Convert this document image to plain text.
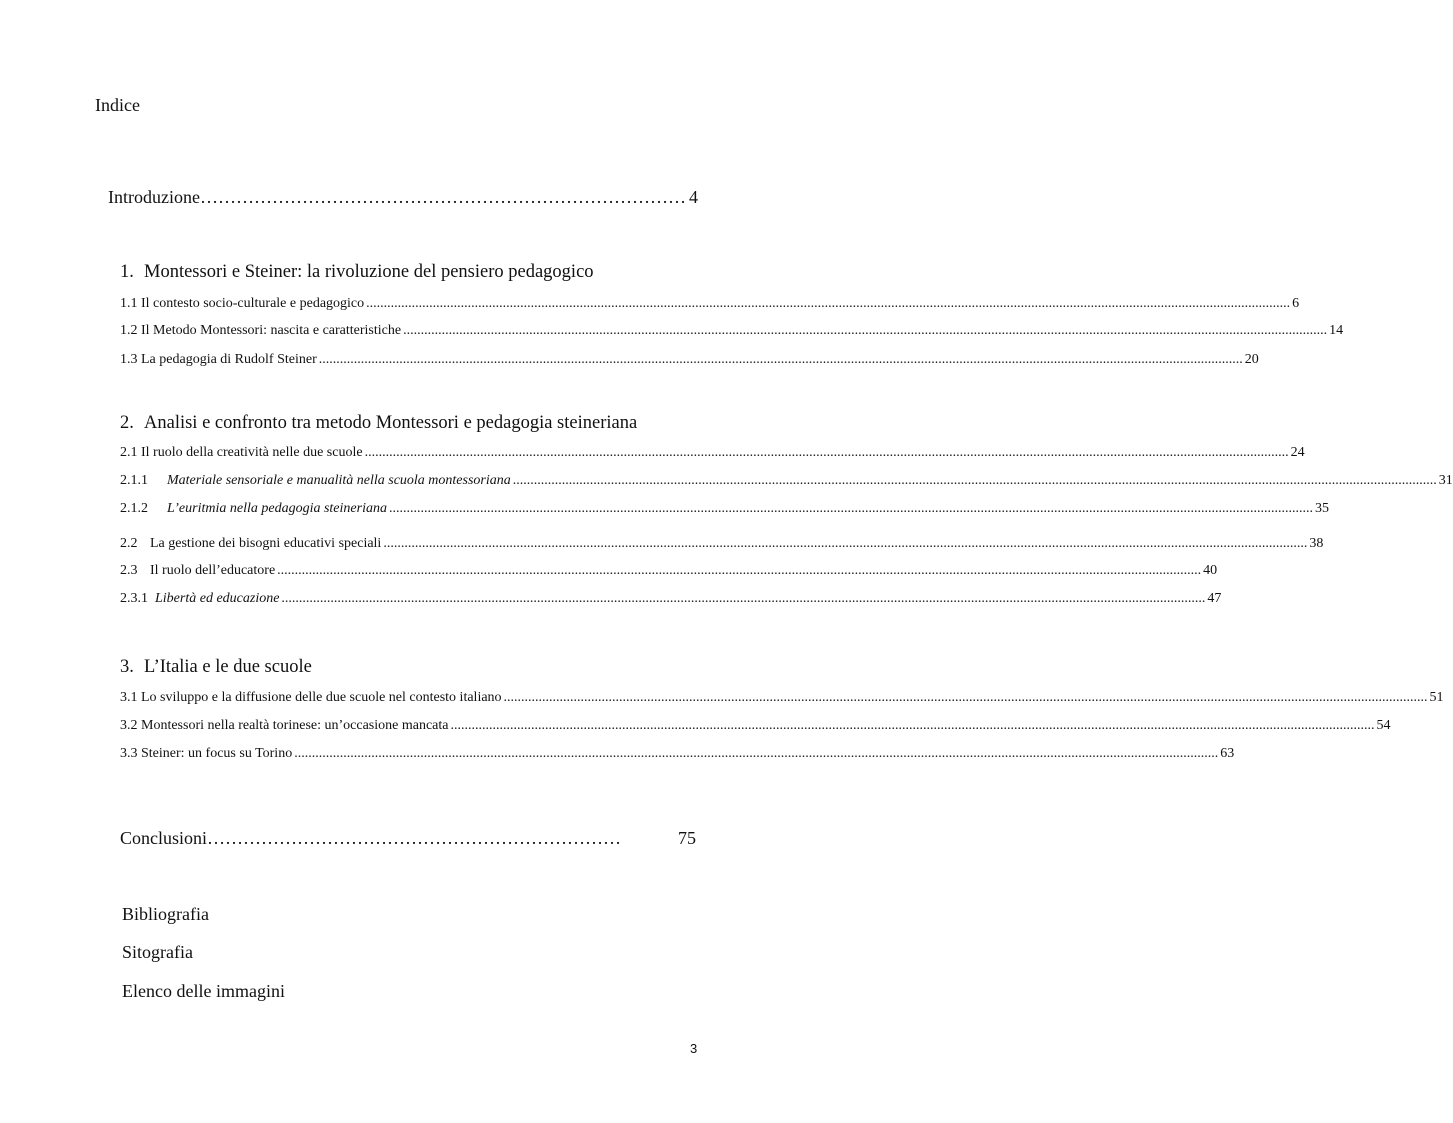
Indice
Introduzione ……………………………………………………………………… 4
1. Montessori e Steiner: la rivoluzione del pensiero pedagogico
1.1 Il contesto socio-culturale e pedagogico ........................................................................................................................................................................................................................................................................ 6
1.2 Il Metodo Montessori: nascita e caratteristiche ........................................................................................................................................................................................................................................................................ 14
1.3 La pedagogia di Rudolf Steiner ........................................................................................................................................................................................................................................................................ 20
2. Analisi e confronto tra metodo Montessori e pedagogia steineriana
2.1 Il ruolo della creatività nelle due scuole ........................................................................................................................................................................................................................................................................ 24
2.1.1 Materiale sensoriale e manualità nella scuola montessoriana ........................................................................................................................................................................................................................................................................ 31
2.1.2 L’euritmia nella pedagogia steineriana ........................................................................................................................................................................................................................................................................ 35
2.2 La gestione dei bisogni educativi speciali ........................................................................................................................................................................................................................................................................ 38
2.3 Il ruolo dell’educatore ........................................................................................................................................................................................................................................................................ 40
2.3.1 Libertà ed educazione ........................................................................................................................................................................................................................................................................ 47
3. L’Italia e le due scuole
3.1 Lo sviluppo e la diffusione delle due scuole nel contesto italiano ........................................................................................................................................................................................................................................................................ 51
3.2 Montessori nella realtà torinese: un’occasione mancata ........................................................................................................................................................................................................................................................................ 54
3.3 Steiner: un focus su Torino ........................................................................................................................................................................................................................................................................ 63
Conclusioni ……………………………………………………………	75
Bibliografia
Sitografia
Elenco delle immagini
3
